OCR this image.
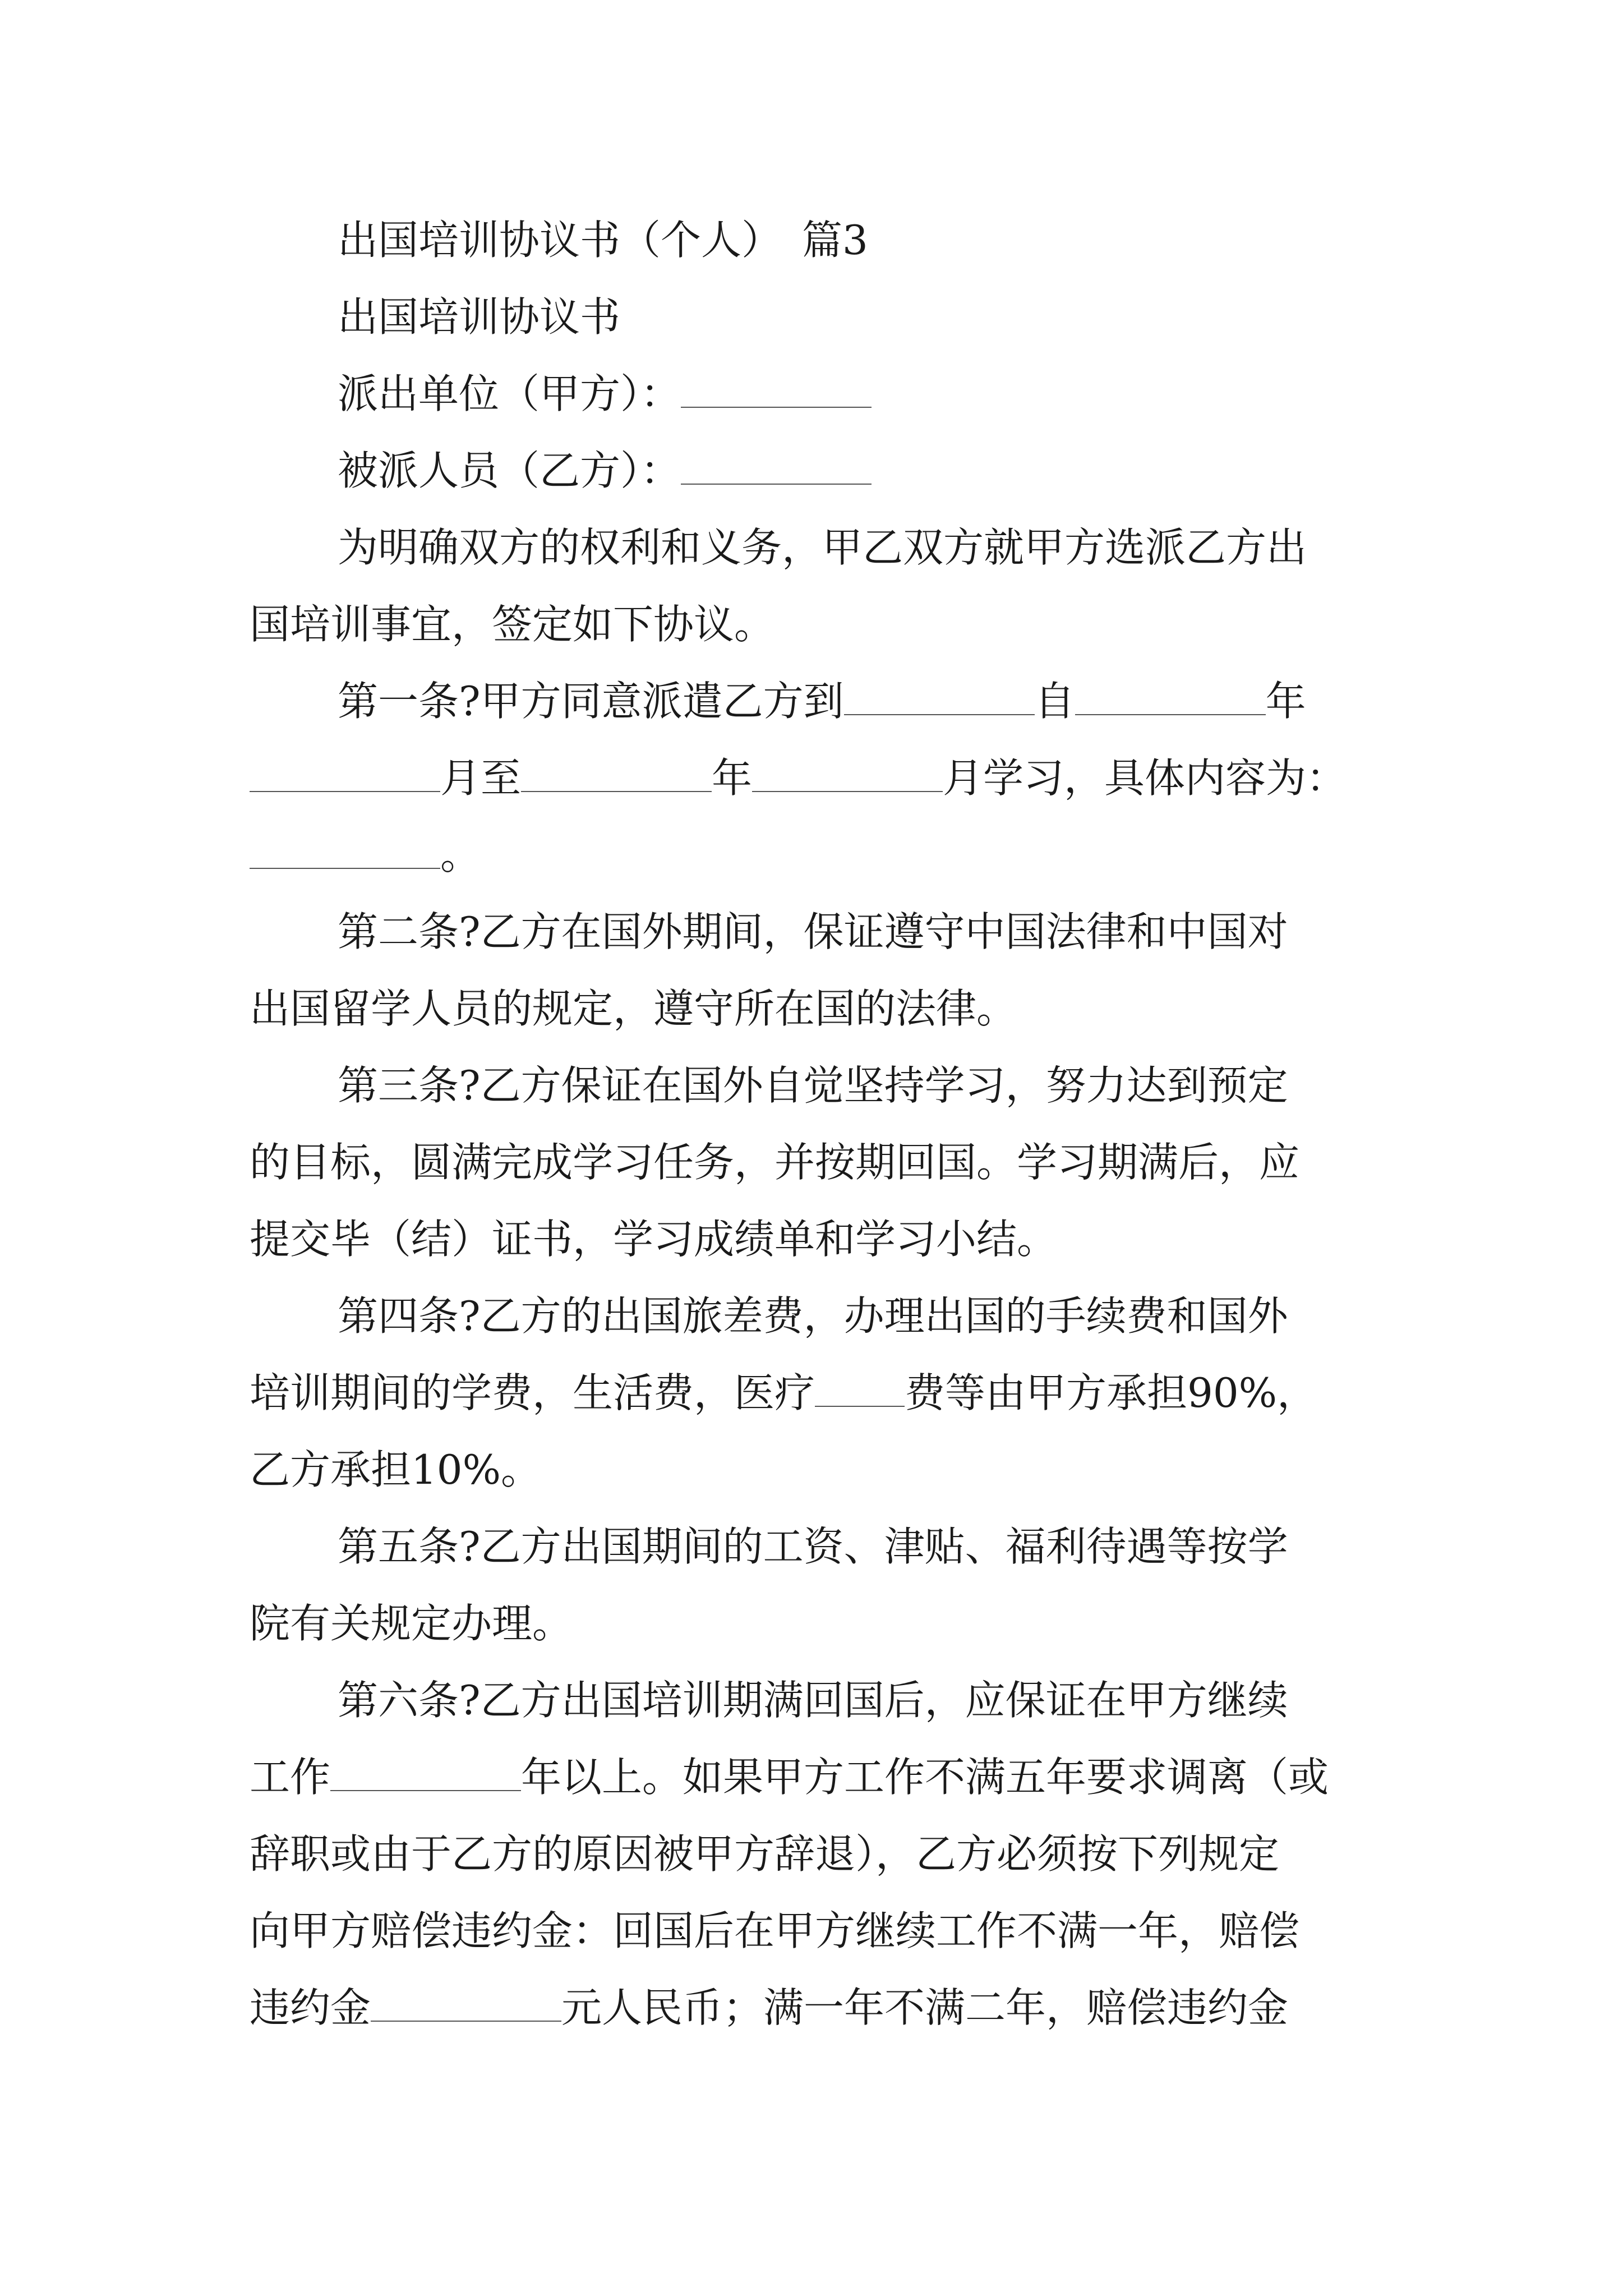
出国培训协议书（个人）　篇3
出国培训协议书
派出单位（甲方）：
被派人员（乙方）：
为明确双方的权利和义务，甲乙双方就甲方选派乙方出
国培训事宜，签定如下协议。
第一条?甲方同意派遣乙方到	自	年
月至	年	月学习，具体内容为：
。
第二条?乙方在国外期间，保证遵守中国法律和中国对
出国留学人员的规定，遵守所在国的法律。
第三条?乙方保证在国外自觉坚持学习，努力达到预定
的目标，圆满完成学习任务，并按期回国。学习期满后，应
提交毕（结）证书，学习成绩单和学习小结。
第四条?乙方的出国旅差费，办理出国的手续费和国外
培训期间的学费，生活费，医疗 费等由甲方承担90%，
乙方承担10%。
第五条?乙方出国期间的工资、津贴、福利待遇等按学
院有关规定办理。
第六条?乙方出国培训期满回国后，应保证在甲方继续
工作	年以上。如果甲方工作不满五年要求调离（或
辞职或由于乙方的原因被甲方辞退），乙方必须按下列规定
向甲方赔偿违约金：回国后在甲方继续工作不满一年，赔偿
违约金	元人民币；满一年不满二年，赔偿违约金
